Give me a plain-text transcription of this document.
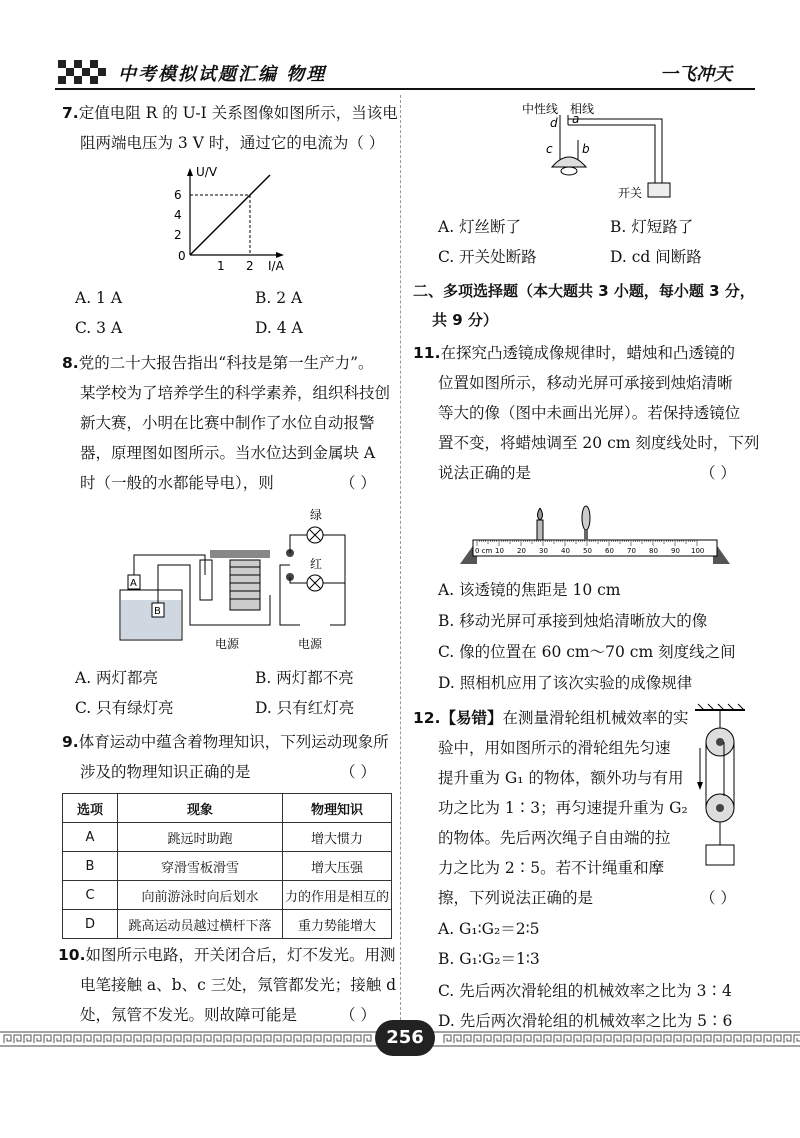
中考模拟试题汇编 物理	一飞冲天
7.定值电阻 R 的 U-I 关系图像如图所示，当该电
阻两端电压为 3 V 时，通过它的电流为（ ）
U/V
6
4
2
0
1 2 I/A
A. 1 A	B. 2 A
C. 3 A	D. 4 A
8.党的二十大报告指出“科技是第一生产力”。
某学校为了培养学生的科学素养，组织科技创
新大赛，小明在比赛中制作了水位自动报警
器，原理图如图所示。当水位达到金属块 A
时（一般的水都能导电），则	（ ）
A
B
绿
红
电源	电源
A. 两灯都亮	B. 两灯都不亮
C. 只有绿灯亮	D. 只有红灯亮
9.体育运动中蕴含着物理知识，下列运动现象所
涉及的物理知识正确的是	（ ）
选项	现象	物理知识
A	跳远时助跑	增大惯力
B	穿滑雪板滑雪	增大压强
C	向前游泳时向后划水	力的作用是相互的
D	跳高运动员越过横杆下落	重力势能增大
10.如图所示电路，开关闭合后，灯不发光。用测
电笔接触 a、b、c 三处，氖管都发光；接触 d
处，氖管不发光。则故障可能是	（ ）
中性线 相线
d a
c b
开关
A. 灯丝断了	B. 灯短路了
C. 开关处断路	D. cd 间断路
二、多项选择题（本大题共 3 小题，每小题 3 分，
共 9 分）
11.在探究凸透镜成像规律时，蜡烛和凸透镜的
位置如图所示，移动光屏可承接到烛焰清晰
等大的像（图中未画出光屏）。若保持透镜位
置不变，将蜡烛调至 20 cm 刻度线处时，下列
说法正确的是	（ ）
0 cm 10 20 30 40 50 60 70 80 90 100
A. 该透镜的焦距是 10 cm
B. 移动光屏可承接到烛焰清晰放大的像
C. 像的位置在 60 cm～70 cm 刻度线之间
D. 照相机应用了该次实验的成像规律
12.【易错】在测量滑轮组机械效率的实
验中，用如图所示的滑轮组先匀速
提升重为 G₁ 的物体，额外功与有用
功之比为 1∶3；再匀速提升重为 G₂
的物体。先后两次绳子自由端的拉
力之比为 2∶5。若不计绳重和摩
擦，下列说法正确的是	（ ）
A. G₁∶G₂＝2∶5
B. G₁∶G₂＝1∶3
C. 先后两次滑轮组的机械效率之比为 3∶4
D. 先后两次滑轮组的机械效率之比为 5∶6
256
